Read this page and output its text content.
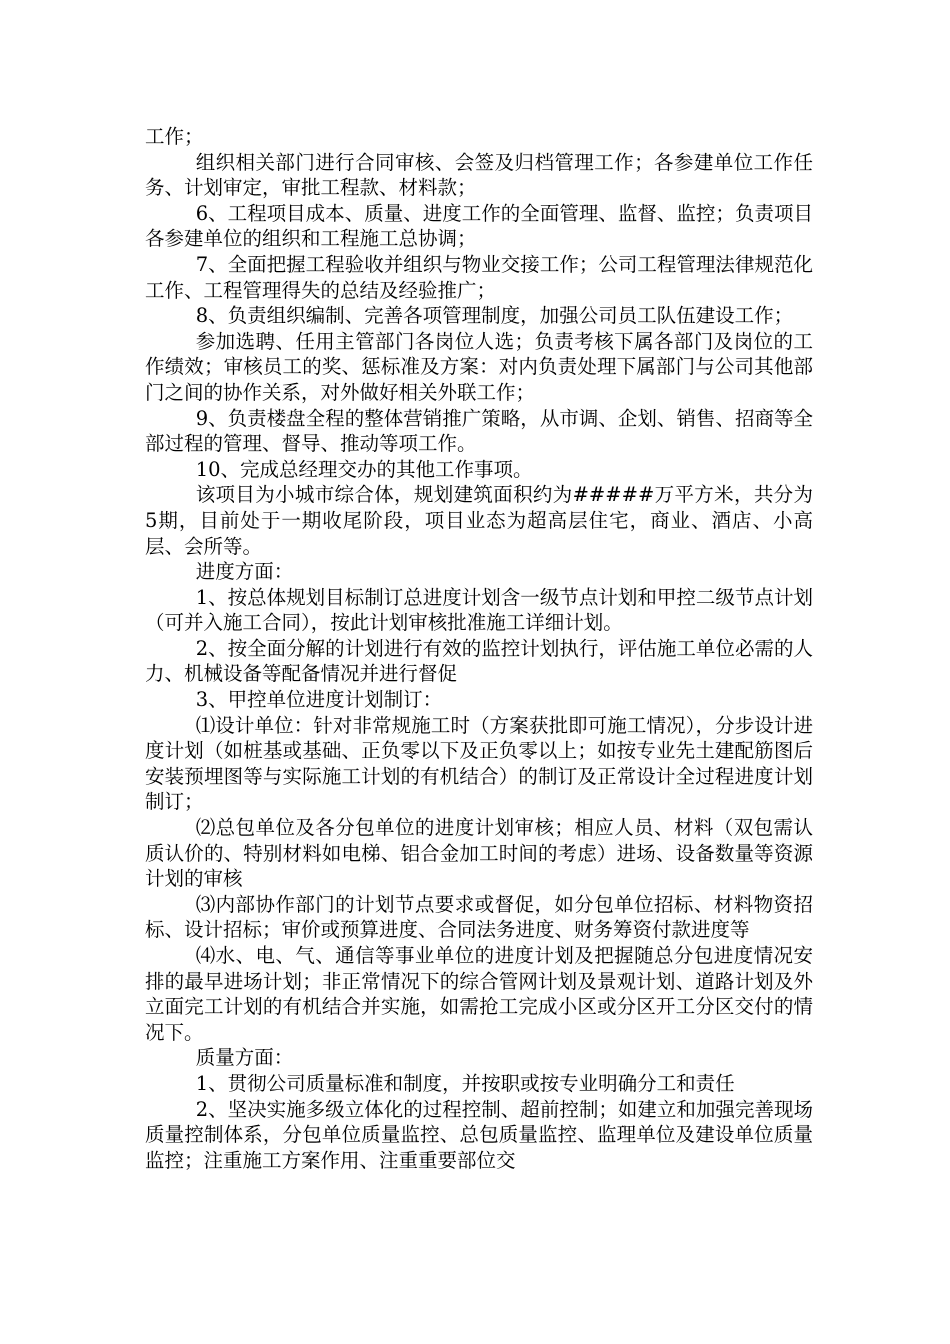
工作；

组织相关部门进行合同审核、会签及归档管理工作；各参建单位工作任务、计划审定，审批工程款、材料款；

6、工程项目成本、质量、进度工作的全面管理、监督、监控；负责项目各参建单位的组织和工程施工总协调；

7、全面把握工程验收并组织与物业交接工作；公司工程管理法律规范化工作、工程管理得失的总结及经验推广；

8、负责组织编制、完善各项管理制度，加强公司员工队伍建设工作；

参加选聘、任用主管部门各岗位人选；负责考核下属各部门及岗位的工作绩效；审核员工的奖、惩标准及方案：对内负责处理下属部门与公司其他部门之间的协作关系，对外做好相关外联工作；

9、负责楼盘全程的整体营销推广策略，从市调、企划、销售、招商等全部过程的管理、督导、推动等项工作。

10、完成总经理交办的其他工作事项。

该项目为小城市综合体，规划建筑面积约为#####万平方米，共分为5期，目前处于一期收尾阶段，项目业态为超高层住宅，商业、酒店、小高层、会所等。

进度方面：

1、按总体规划目标制订总进度计划含一级节点计划和甲控二级节点计划（可并入施工合同），按此计划审核批准施工详细计划。

2、按全面分解的计划进行有效的监控计划执行，评估施工单位必需的人力、机械设备等配备情况并进行督促

3、甲控单位进度计划制订：

⑴设计单位：针对非常规施工时（方案获批即可施工情况），分步设计进度计划（如桩基或基础、正负零以下及正负零以上；如按专业先土建配筋图后安装预埋图等与实际施工计划的有机结合）的制订及正常设计全过程进度计划制订；

⑵总包单位及各分包单位的进度计划审核；相应人员、材料（双包需认质认价的、特别材料如电梯、铝合金加工时间的考虑）进场、设备数量等资源计划的审核

⑶内部协作部门的计划节点要求或督促，如分包单位招标、材料物资招标、设计招标；审价或预算进度、合同法务进度、财务筹资付款进度等

⑷水、电、气、通信等事业单位的进度计划及把握随总分包进度情况安排的最早进场计划；非正常情况下的综合管网计划及景观计划、道路计划及外立面完工计划的有机结合并实施，如需抢工完成小区或分区开工分区交付的情况下。

质量方面：

1、贯彻公司质量标准和制度，并按职或按专业明确分工和责任

2、坚决实施多级立体化的过程控制、超前控制；如建立和加强完善现场质量控制体系，分包单位质量监控、总包质量监控、监理单位及建设单位质量监控；注重施工方案作用、注重重要部位交
